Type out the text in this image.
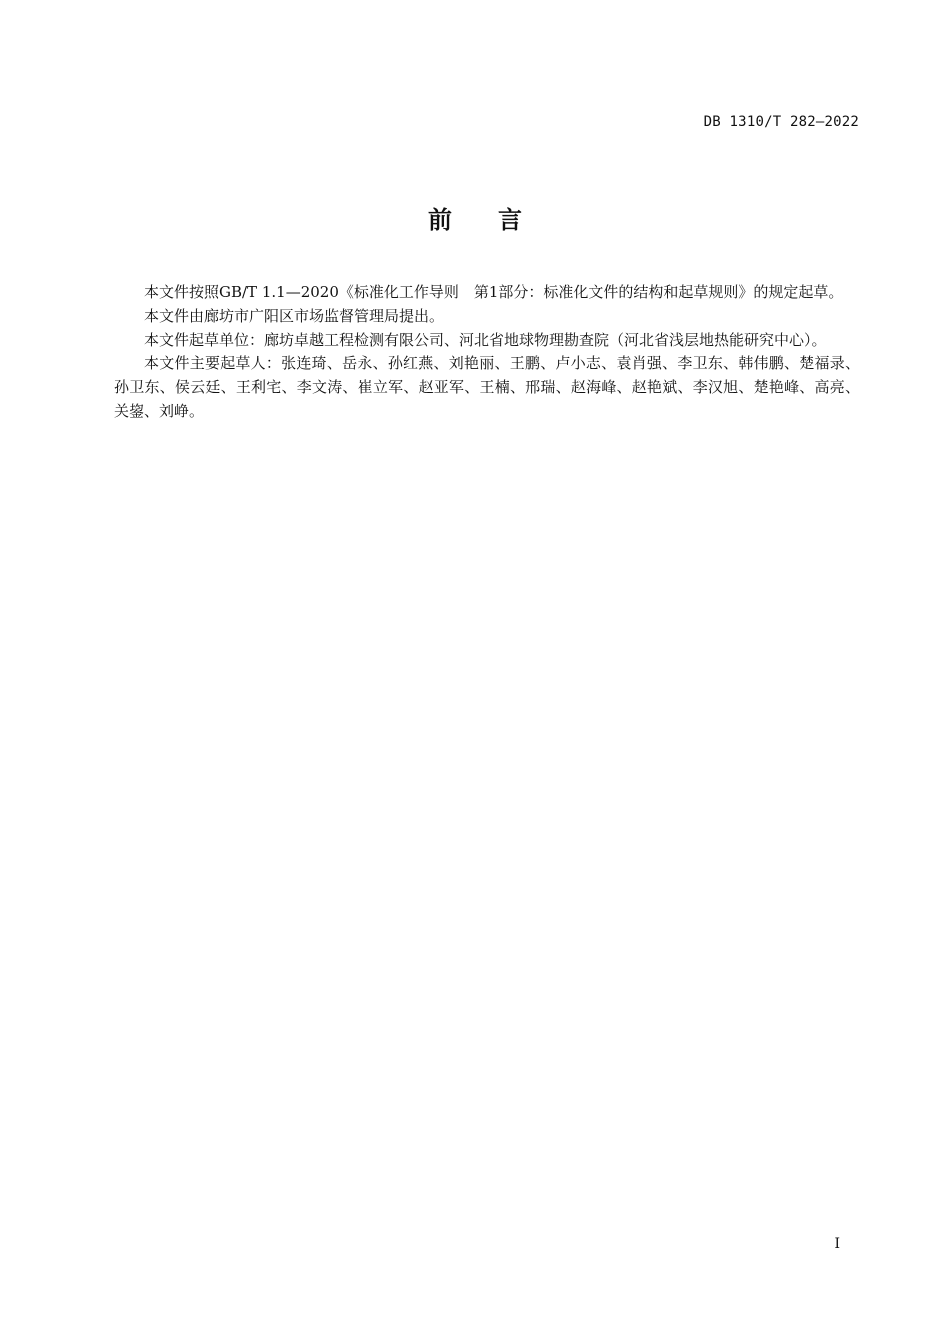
DB 1310/T 282—2022
前 言

本文件按照GB/T 1.1—2020《标准化工作导则　第1部分：标准化文件的结构和起草规则》的规定起草。

本文件由廊坊市广阳区市场监督管理局提出。

本文件起草单位：廊坊卓越工程检测有限公司、河北省地球物理勘查院（河北省浅层地热能研究中心）。

本文件主要起草人：张连琦、岳永、孙红燕、刘艳丽、王鹏、卢小志、袁肖强、李卫东、韩伟鹏、楚福录、孙卫东、侯云廷、王利宅、李文涛、崔立军、赵亚军、王楠、邢瑞、赵海峰、赵艳斌、李汉旭、楚艳峰、高亮、关鋆、刘峥。

I
